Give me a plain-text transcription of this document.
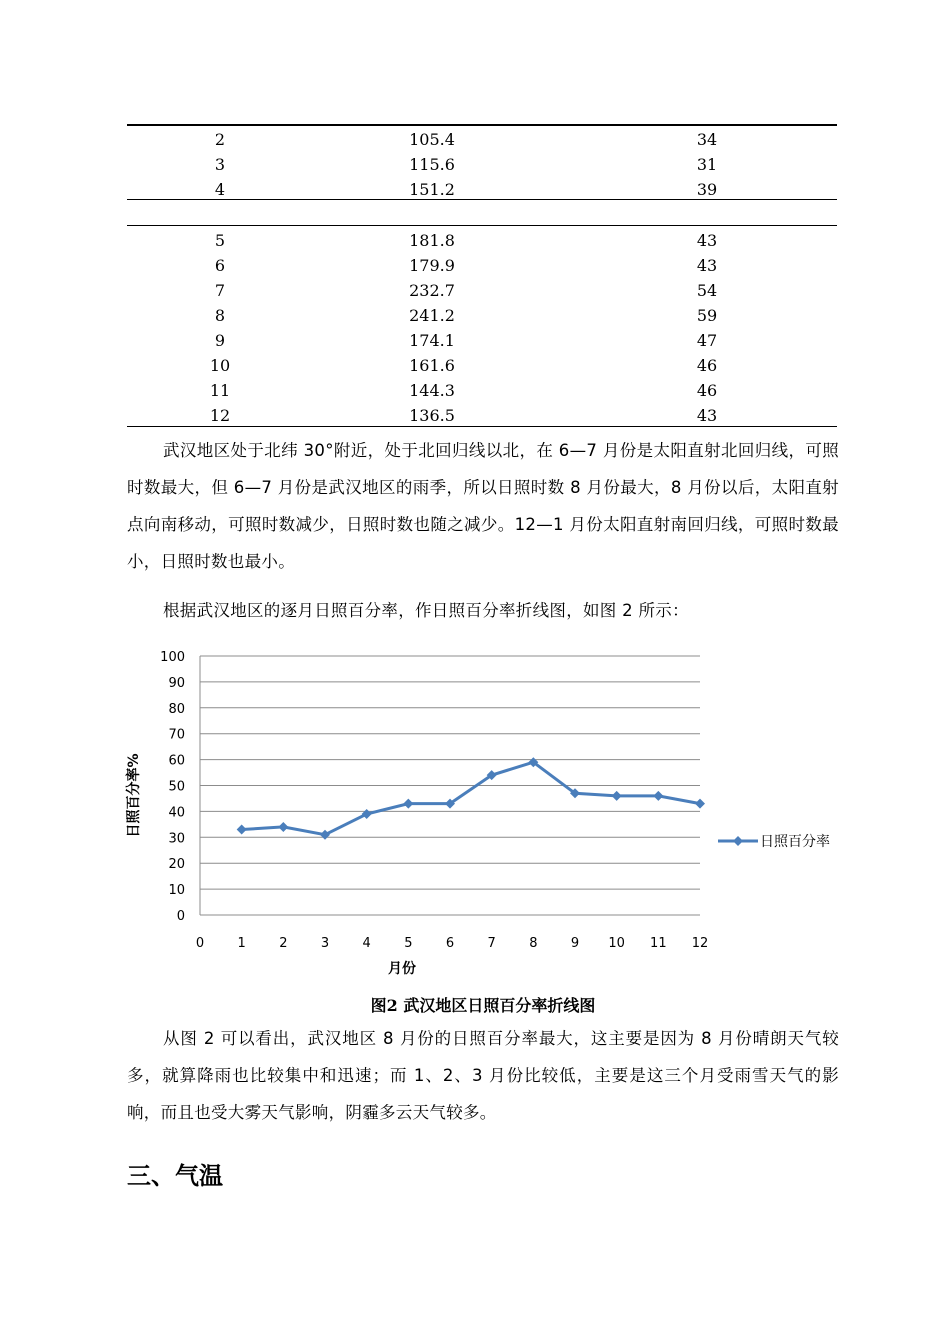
2	105.4	34
3	115.6	31
4	151.2	39
5	181.8	43
6	179.9	43
7	232.7	54
8	241.2	59
9	174.1	47
10	161.6	46
11	144.3	46
12	136.5	43
武汉地区处于北纬 30°附近，处于北回归线以北，在 6—7 月份是太阳直射北回归线，可照时数最大，但 6—7 月份是武汉地区的雨季，所以日照时数 8 月份最大，8 月份以后，太阳直射点向南移动，可照时数减少，日照时数也随之减少。12—1 月份太阳直射南回归线，可照时数最小，日照时数也最小。
根据武汉地区的逐月日照百分率，作日照百分率折线图，如图 2 所示：
0
10
20
30
40
50
60
70
80
90
100
0	1	2	3	4	5	6	7	8	9 10 11 12
月份
日照百分率%
日照百分率
图2 武汉地区日照百分率折线图
从图 2 可以看出，武汉地区 8 月份的日照百分率最大，这主要是因为 8 月份晴朗天气较多，就算降雨也比较集中和迅速；而 1、2、3 月份比较低，主要是这三个月受雨雪天气的影响，而且也受大雾天气影响，阴霾多云天气较多。
三、气温
